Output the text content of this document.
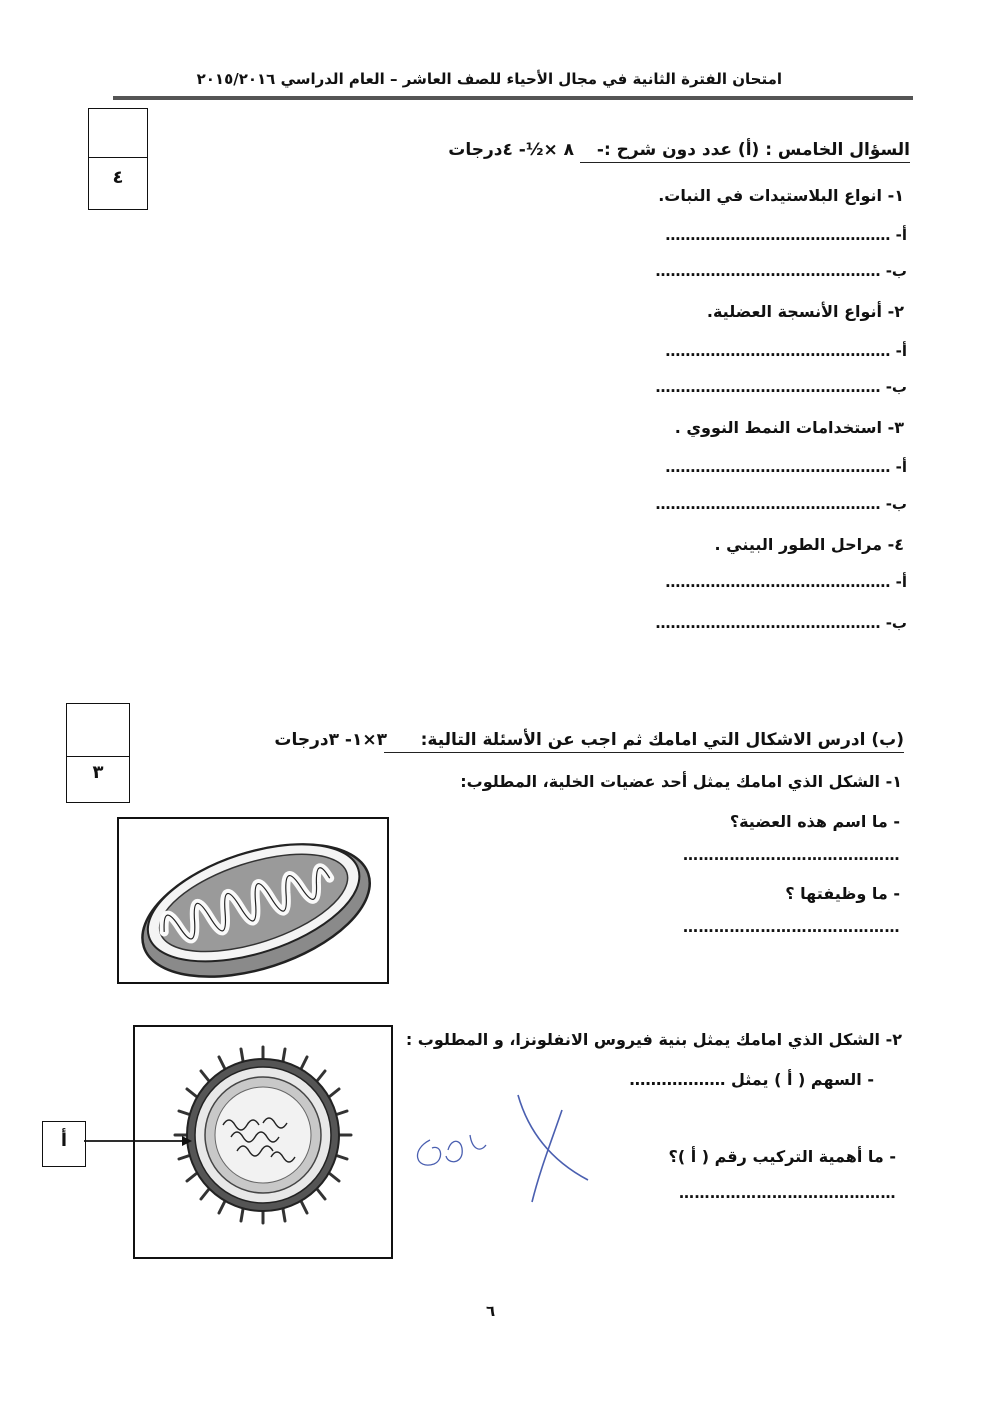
امتحان الفترة الثانية في مجال الأحياء للصف العاشر – العام الدراسي ٢٠١٥/٢٠١٦
٤
السؤال الخامس : (أ) عدد دون شرح :-
٨ ×½- ٤درجات
١- انواع البلاستيدات في النبات.
أ- ………………………………………
ب- ………………………………………
٢- أنواع الأنسجة العضلية.
أ- ………………………………………
ب- ………………………………………
٣- استخدامات النمط النووي .
أ- ………………………………………
ب- ………………………………………
٤- مراحل الطور البيني .
أ- ………………………………………
ب- ………………………………………
٣
(ب) ادرس الاشكال التي امامك ثم اجب عن الأسئلة التالية:
٣×١- ٣درجات
١- الشكل الذي امامك يمثل أحد عضيات الخلية، المطلوب:
- ما اسم هذه العضية؟
……………………………………
- ما وظيفتها ؟
……………………………………
٢- الشكل الذي امامك يمثل بنية فيروس الانفلونزا، و المطلوب :
- السهم ( أ ) يمثل ………………
- ما أهمية التركيب رقم ( أ )؟
……………………………………
أ
٦
